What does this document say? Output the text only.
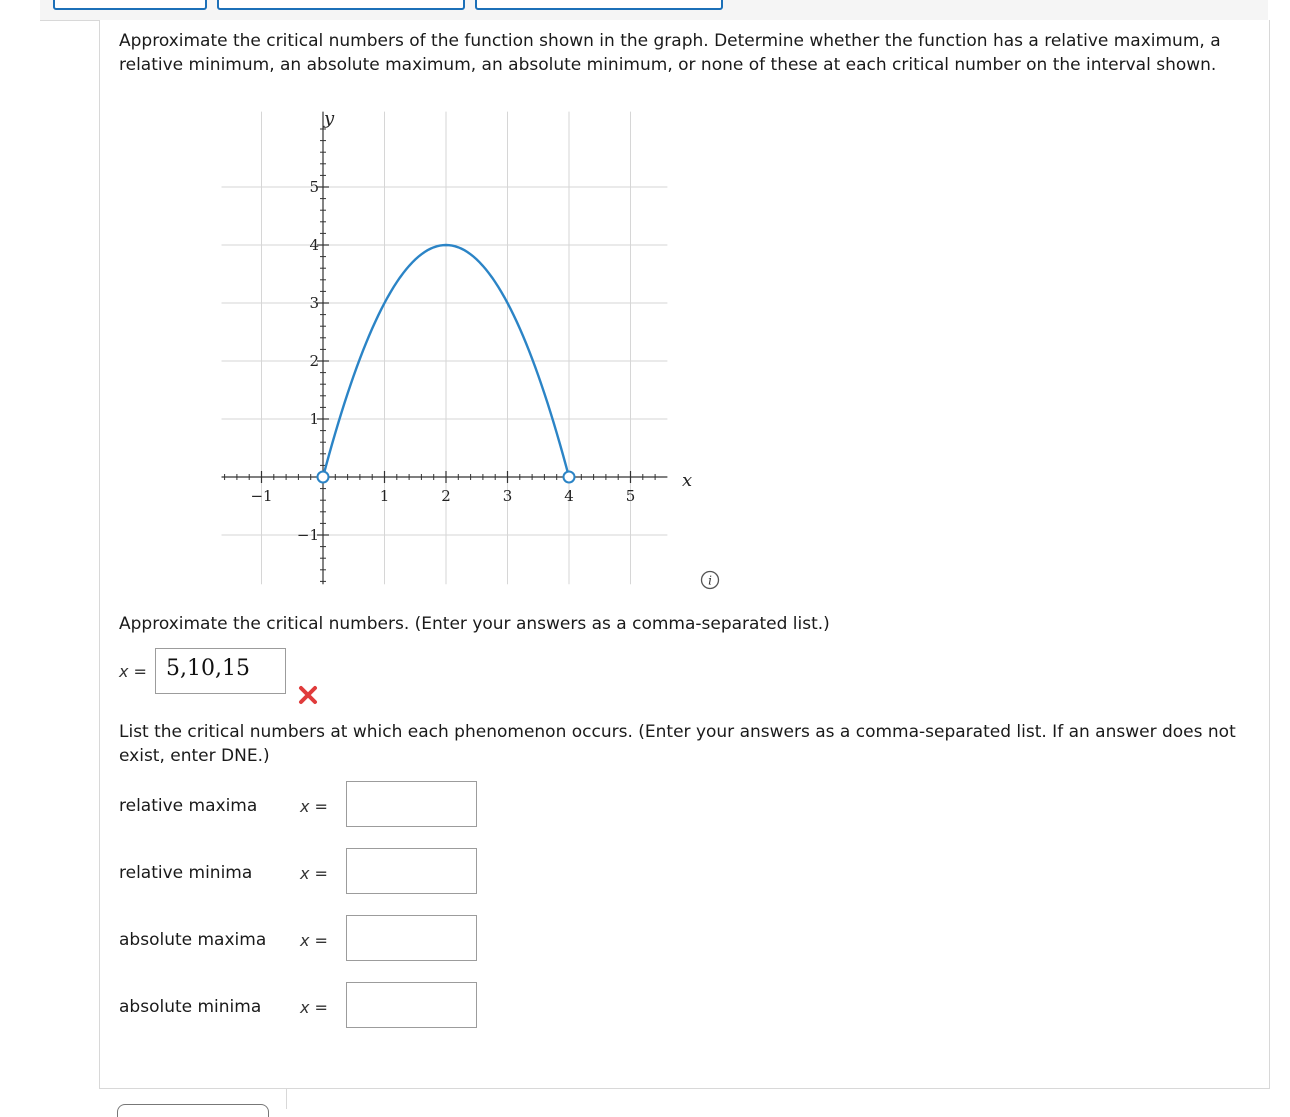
Approximate the critical numbers of the function shown in the graph. Determine whether the function has a relative maximum, a relative minimum, an absolute maximum, an absolute minimum, or none of these at each critical number on the interval shown.
−1	1	2	3	4	5
5
4
3
2
1
−1
y
x
i
Approximate the critical numbers. (Enter your answers as a comma-separated list.)
x = 5,10,15
List the critical numbers at which each phenomenon occurs. (Enter your answers as a comma-separated list. If an answer does not exist, enter DNE.)
relative maxima	x =
relative minima	x =
absolute maxima x =
absolute minima x =
